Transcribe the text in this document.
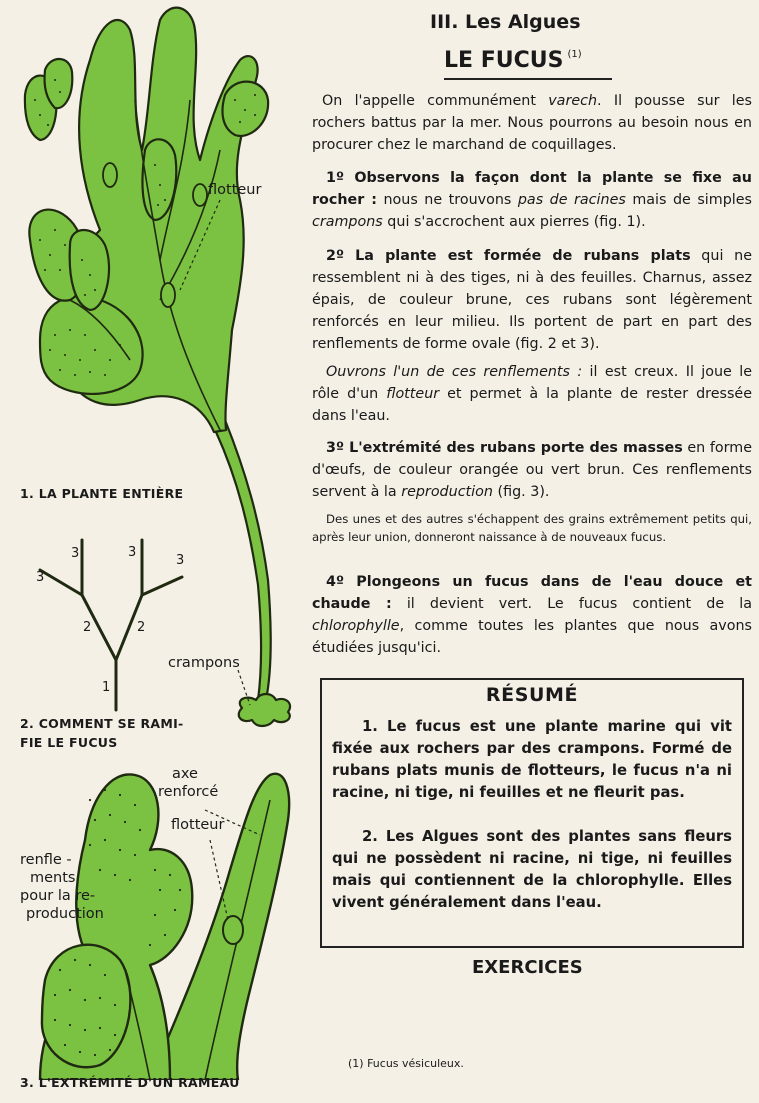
flotteur
crampons
1. LA PLANTE ENTIÈRE
1
2	2
3
3
3
3
2. COMMENT SE RAMI-
FIE LE FUCUS
axe
renforcé
flotteur
renfle -
ments
pour la re-
production
3. L'EXTRÉMITÉ D'UN RAMEAU
III. Les Algues
LE FUCUS $^{(1)}$
On l'appelle communément varech. Il pousse sur les rochers battus par la mer. Nous pourrons au besoin nous en procurer chez le marchand de coquillages.
1º Observons la façon dont la plante se fixe au rocher : nous ne trouvons pas de racines mais de simples crampons qui s'accrochent aux pierres (fig. 1).
2º La plante est formée de rubans plats qui ne ressemblent ni à des tiges, ni à des feuilles. Charnus, assez épais, de couleur brune, ces rubans sont légèrement renforcés en leur milieu. Ils portent de part en part des renflements de forme ovale (fig. 2 et 3).
Ouvrons l'un de ces renflements : il est creux. Il joue le rôle d'un flotteur et permet à la plante de rester dressée dans l'eau.
3º L'extrémité des rubans porte des masses en forme d'œufs, de couleur orangée ou vert brun. Ces renflements servent à la reproduction (fig. 3).
Des unes et des autres s'échappent des grains extrêmement petits qui, après leur union, donneront naissance à de nouveaux fucus.
4º Plongeons un fucus dans de l'eau douce et chaude : il devient vert. Le fucus contient de la chlorophylle, comme toutes les plantes que nous avons étudiées jusqu'ici.
RÉSUMÉ
1. Le fucus est une plante marine qui vit fixée aux rochers par des crampons. Formé de rubans plats munis de flotteurs, le fucus n'a ni racine, ni tige, ni feuilles et ne fleurit pas.
2. Les Algues sont des plantes sans fleurs qui ne possèdent ni racine, ni tige, ni feuilles mais qui contiennent de la chlorophylle. Elles vivent généralement dans l'eau.
EXERCICES
(1) Fucus vésiculeux.
